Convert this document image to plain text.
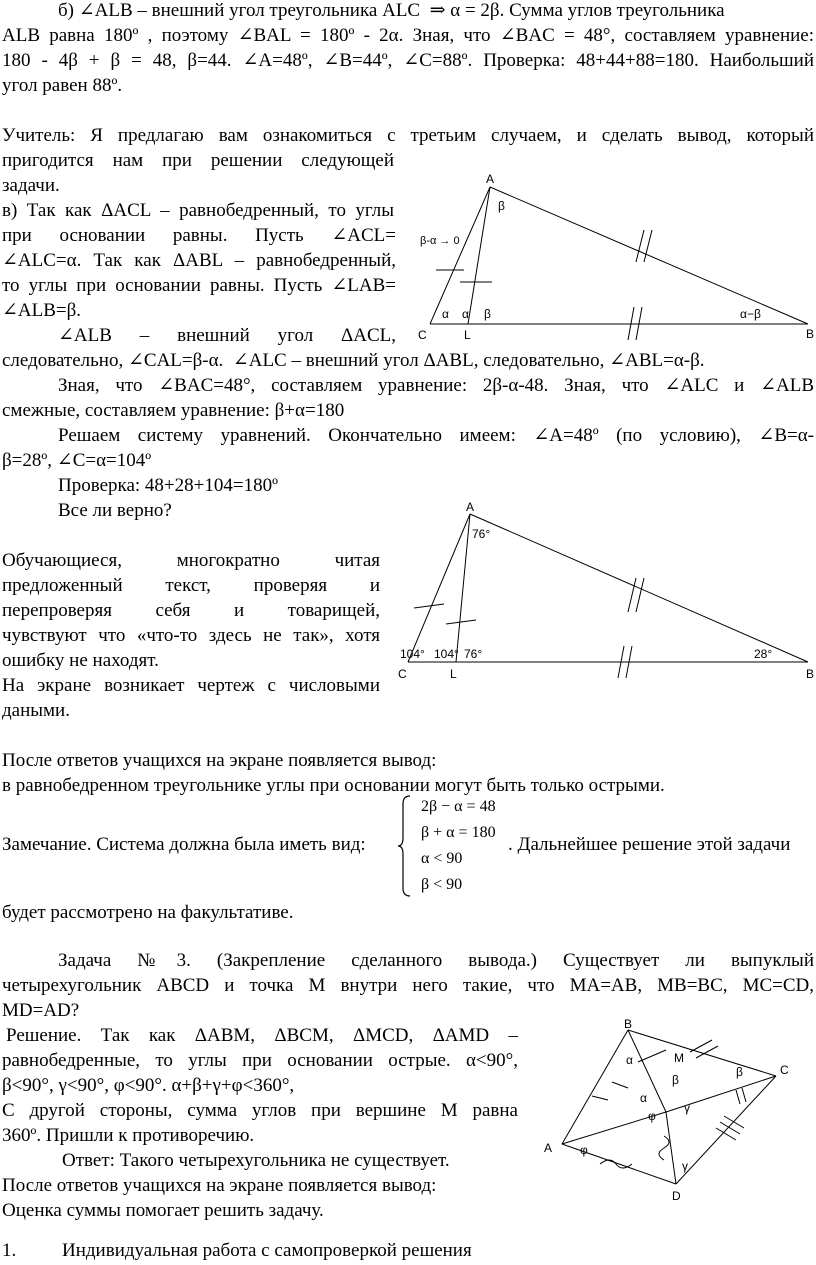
б) ∠ALB – внешний угол треугольника ALC  ⇒ α = 2β. Сумма углов треугольника
ALB равна 180º , поэтому ∠BAL = 180º - 2α. Зная, что ∠BAC = 48°, составляем уравнение:
180 - 4β + β = 48, β=44. ∠A=48º, ∠B=44º, ∠C=88º. Проверка: 48+44+88=180. Наибольший
угол равен 88º.
Учитель: Я предлагаю вам ознакомиться с третьим случаем, и сделать вывод, который
пригодится нам при решении следующей
задачи.
в) Так как ΔACL – равнобедренный, то углы
при основании равны. Пусть ∠ACL=
∠ALC=α. Так как ΔABL – равнобедренный,
то углы при основании равны. Пусть ∠LAB=
∠ALB=β.
∠ALB – внешний угол ΔACL,
следовательно, ∠CAL=β-α.  ∠ALC – внешний угол ΔABL, следовательно, ∠ABL=α-β.
Зная, что ∠BAC=48°, составляем уравнение: 2β-α-48. Зная, что ∠ALC и ∠ALB
смежные, составляем уравнение: β+α=180
Решаем систему уравнений. Окончательно имеем: ∠A=48º (по условию), ∠B=α-
β=28º, ∠C=α=104º
Проверка: 48+28+104=180º
Все ли верно?
Обучающиеся, многократно читая
предложенный текст, проверяя и
перепроверяя себя и товарищей,
чувствуют что «что-то здесь не так», хотя
ошибку не находят.
На экране возникает чертеж с числовыми
даными.
После ответов учащихся на экране появляется вывод:
в равнобедренном треугольнике углы при основании могут быть только острыми.
Замечание. Система должна была иметь вид:
2β − α = 48
β + α = 180
α < 90
β < 90
. Дальнейшее решение этой задачи
будет рассмотрено на факультативе.
Задача №3. (Закрепление сделанного вывода.) Существует ли выпуклый
четырехугольник ABCD и точка M внутри него такие, что MA=AB, MB=BC, MC=CD,
MD=AD?
Решение. Так как ΔABM, ΔBCM, ΔMCD, ΔAMD –
равнобедренные, то углы при основании острые. α<90°,
β<90°, γ<90°, φ<90°. α+β+γ+φ<360°,
С другой стороны, сумма углов при вершине M равна
360º. Пришли к противоречию.
Ответ: Такого четырехугольника не существует.
После ответов учащихся на экране появляется вывод:
Оценка суммы помогает решить задачу.
1. Индивидуальная работа с самопроверкой решения
A
C	L	B
β
β-α → 0
α α β	α−β
A
C	L	B
76°
104° 104° 76°	28°
B
C
D
A
M
α
α
β
β
γ
γ
φ
φ
